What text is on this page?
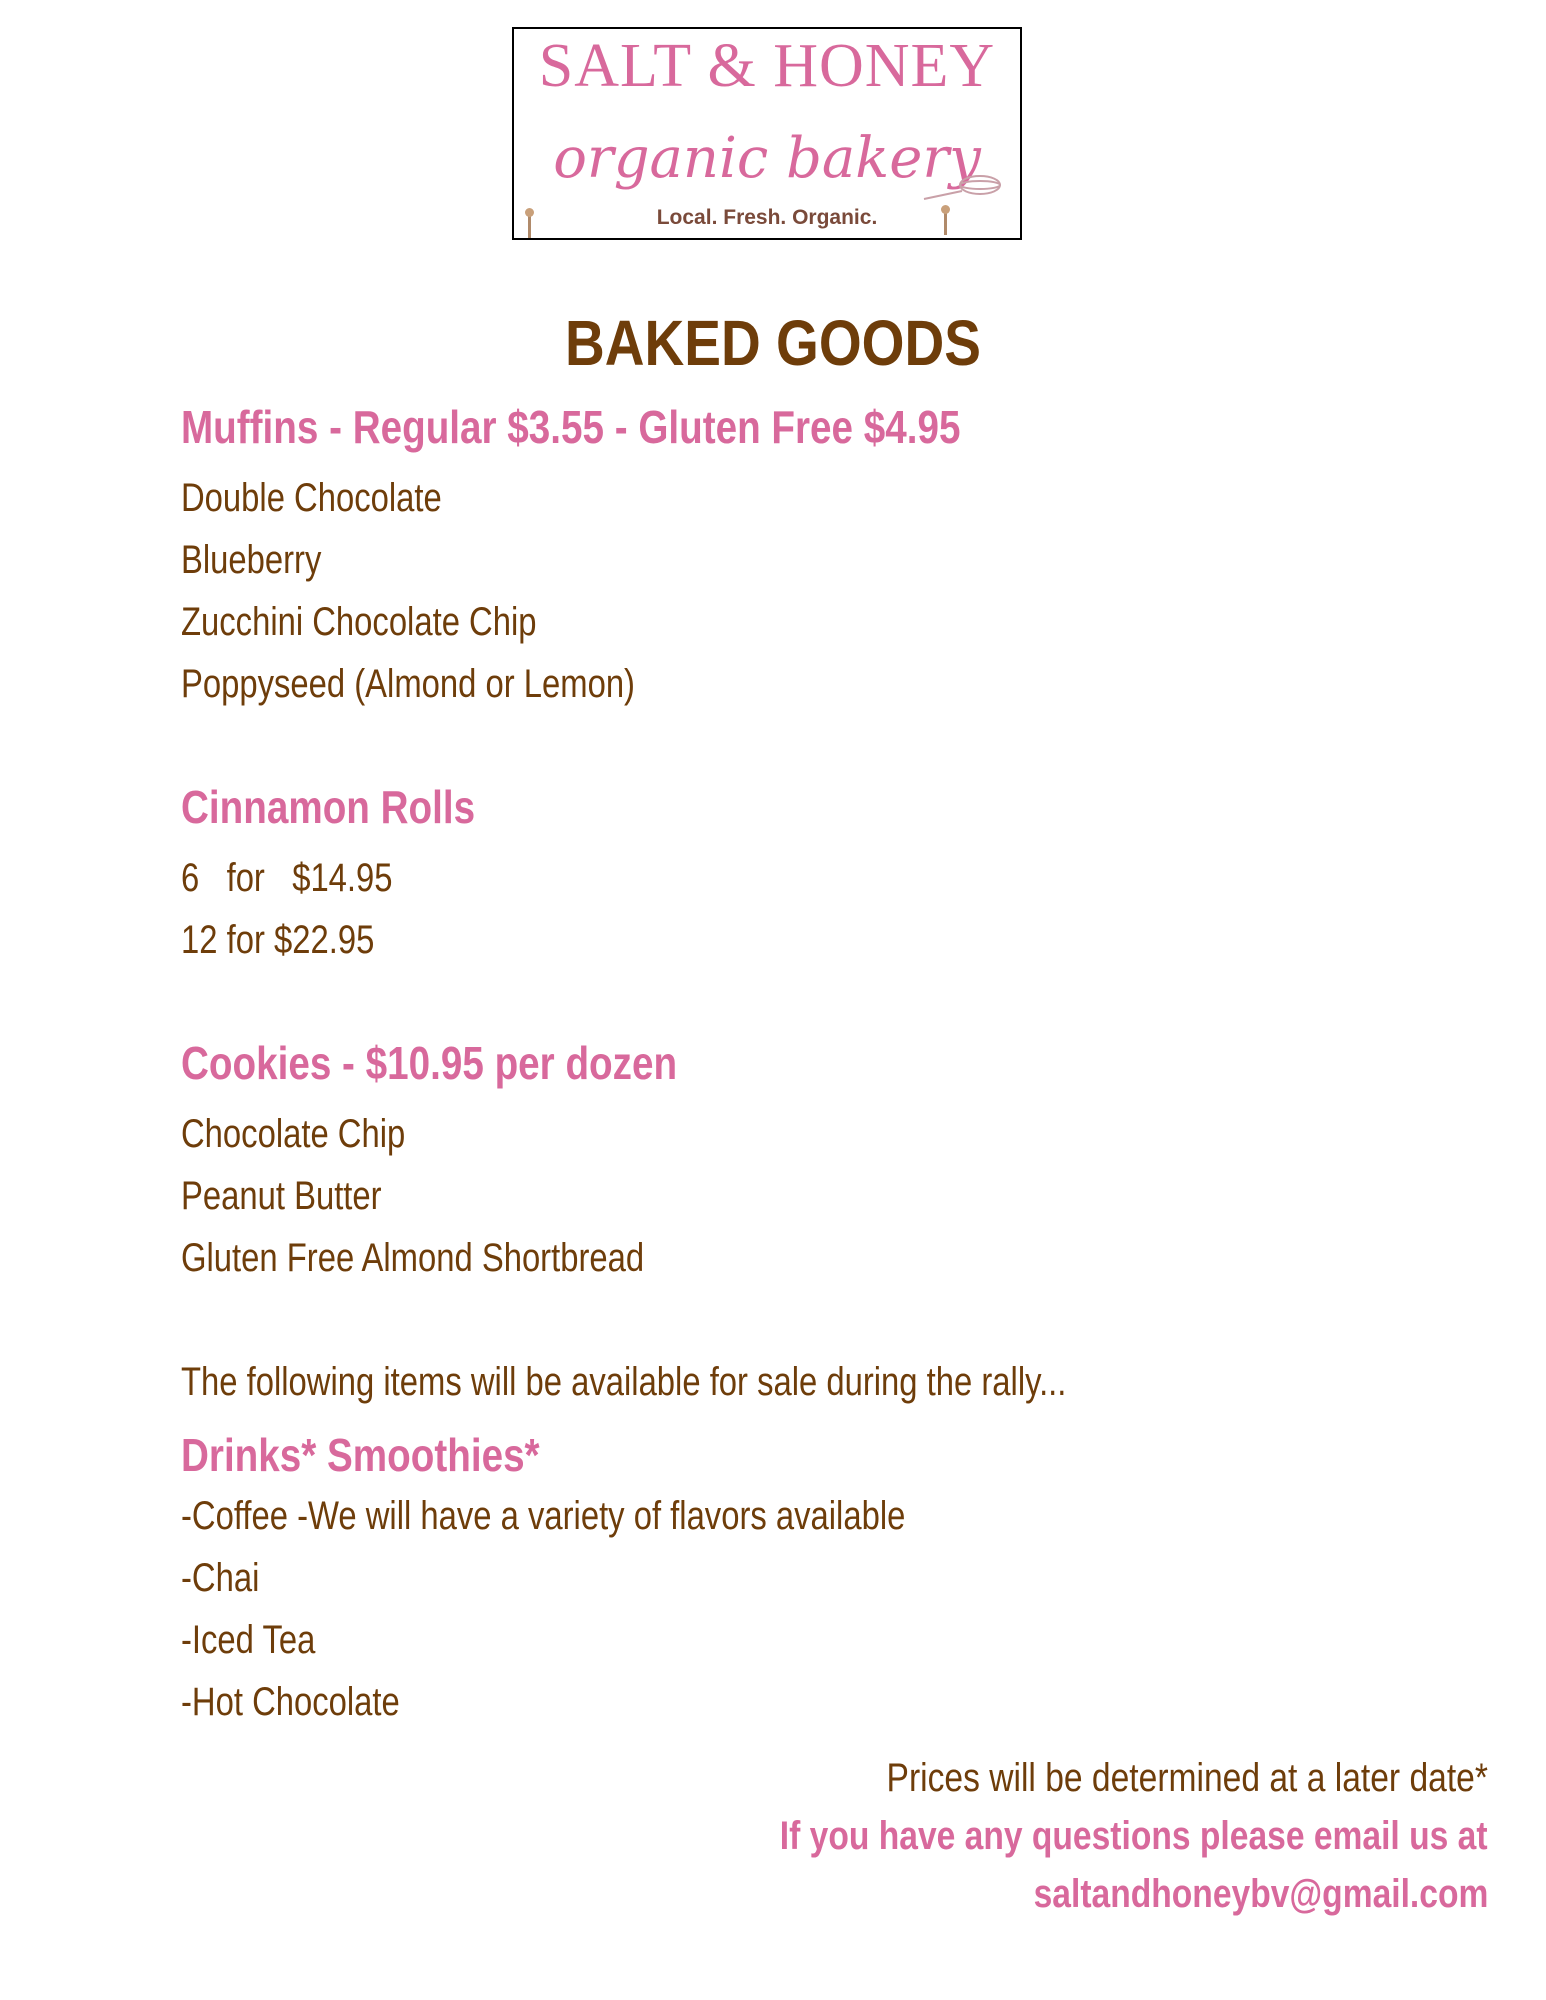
SALT & HONEY
organic bakery
Local. Fresh. Organic.
BAKED GOODS
Muffins - Regular $3.55 - Gluten Free $4.95
Double Chocolate
Blueberry
Zucchini Chocolate Chip
Poppyseed (Almond or Lemon)
Cinnamon Rolls
6   for   $14.95
12 for $22.95
Cookies - $10.95 per dozen
Chocolate Chip
Peanut Butter
Gluten Free Almond Shortbread
The following items will be available for sale during the rally...
Drinks* Smoothies*
-Coffee -We will have a variety of flavors available
-Chai
-Iced Tea
-Hot Chocolate
Prices will be determined at a later date*
If you have any questions please email us at
saltandhoneybv@gmail.com
